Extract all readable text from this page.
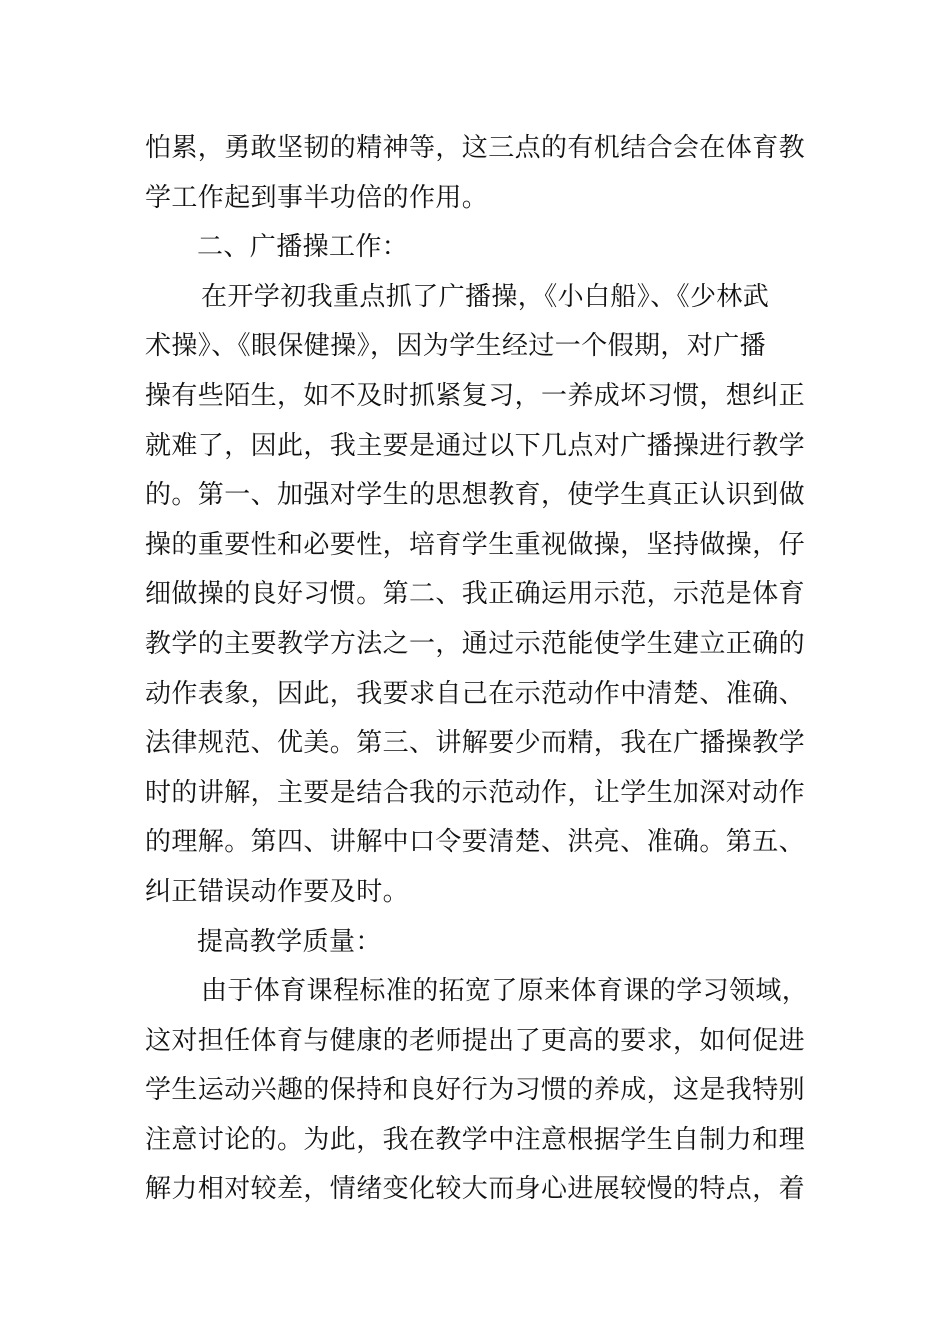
怕累，勇敢坚韧的精神等，这三点的有机结合会在体育教
学工作起到事半功倍的作用。
二、广播操工作：
在开学初我重点抓了广播操，《小白船》、《少林武
术操》、《眼保健操》，因为学生经过一个假期，对广播
操有些陌生，如不及时抓紧复习，一养成坏习惯，想纠正
就难了，因此，我主要是通过以下几点对广播操进行教学
的。第一、加强对学生的思想教育，使学生真正认识到做
操的重要性和必要性，培育学生重视做操，坚持做操，仔
细做操的良好习惯。第二、我正确运用示范，示范是体育
教学的主要教学方法之一，通过示范能使学生建立正确的
动作表象，因此，我要求自己在示范动作中清楚、准确、
法律规范、优美。第三、讲解要少而精，我在广播操教学
时的讲解，主要是结合我的示范动作，让学生加深对动作
的理解。第四、讲解中口令要清楚、洪亮、准确。第五、
纠正错误动作要及时。
提高教学质量：
由于体育课程标准的拓宽了原来体育课的学习领域，
这对担任体育与健康的老师提出了更高的要求，如何促进
学生运动兴趣的保持和良好行为习惯的养成，这是我特别
注意讨论的。为此，我在教学中注意根据学生自制力和理
解力相对较差，情绪变化较大而身心进展较慢的特点，着
